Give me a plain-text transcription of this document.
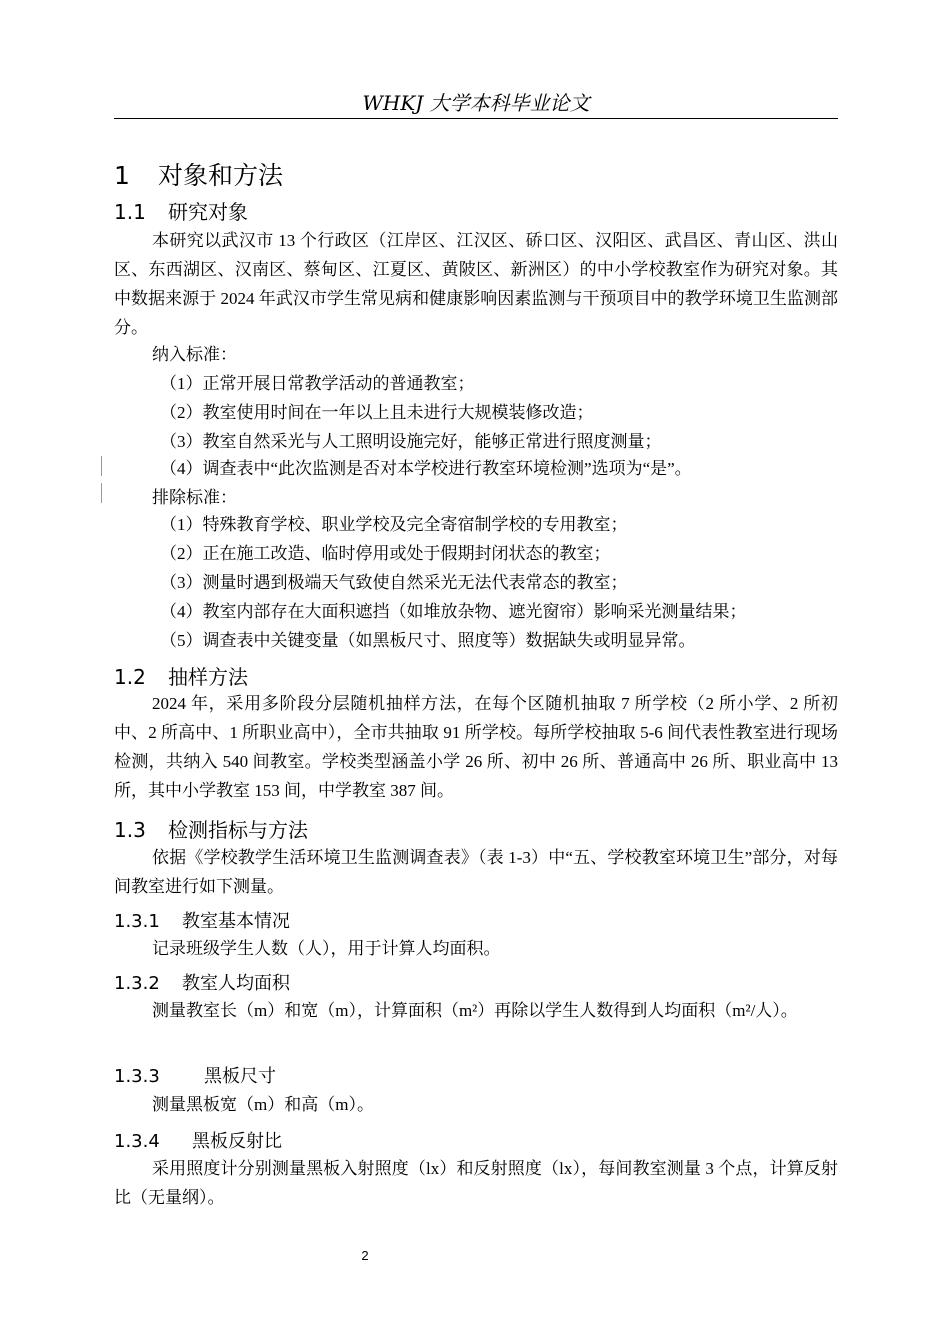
WHKJ 大学本科毕业论文
1 对象和方法
1.1 研究对象
本研究以武汉市 13 个行政区（江岸区、江汉区、硚口区、汉阳区、武昌区、青山区、洪山区、东西湖区、汉南区、蔡甸区、江夏区、黄陂区、新洲区）的中小学校教室作为研究对象。其中数据来源于 2024 年武汉市学生常见病和健康影响因素监测与干预项目中的教学环境卫生监测部分。
纳入标准：
（1）正常开展日常教学活动的普通教室；
（2）教室使用时间在一年以上且未进行大规模装修改造；
（3）教室自然采光与人工照明设施完好，能够正常进行照度测量；
（4）调查表中“此次监测是否对本学校进行教室环境检测”选项为“是”。
排除标准：
（1）特殊教育学校、职业学校及完全寄宿制学校的专用教室；
（2）正在施工改造、临时停用或处于假期封闭状态的教室；
（3）测量时遇到极端天气致使自然采光无法代表常态的教室；
（4）教室内部存在大面积遮挡（如堆放杂物、遮光窗帘）影响采光测量结果；
（5）调查表中关键变量（如黑板尺寸、照度等）数据缺失或明显异常。
1.2 抽样方法
2024 年，采用多阶段分层随机抽样方法，在每个区随机抽取 7 所学校（2 所小学、2 所初中、2 所高中、1 所职业高中），全市共抽取 91 所学校。每所学校抽取 5-6 间代表性教室进行现场检测，共纳入 540 间教室。学校类型涵盖小学 26 所、初中 26 所、普通高中 26 所、职业高中 13 所，其中小学教室 153 间，中学教室 387 间。
1.3 检测指标与方法
依据《学校教学生活环境卫生监测调查表》（表 1-3）中“五、学校教室环境卫生”部分，对每间教室进行如下测量。
1.3.1 教室基本情况
记录班级学生人数（人），用于计算人均面积。
1.3.2 教室人均面积
测量教室长（m）和宽（m），计算面积（m²）再除以学生人数得到人均面积（m²/人）。
1.3.3 黑板尺寸
测量黑板宽（m）和高（m）。
1.3.4 黑板反射比
采用照度计分别测量黑板入射照度（lx）和反射照度（lx），每间教室测量 3 个点，计算反射比（无量纲）。
2
